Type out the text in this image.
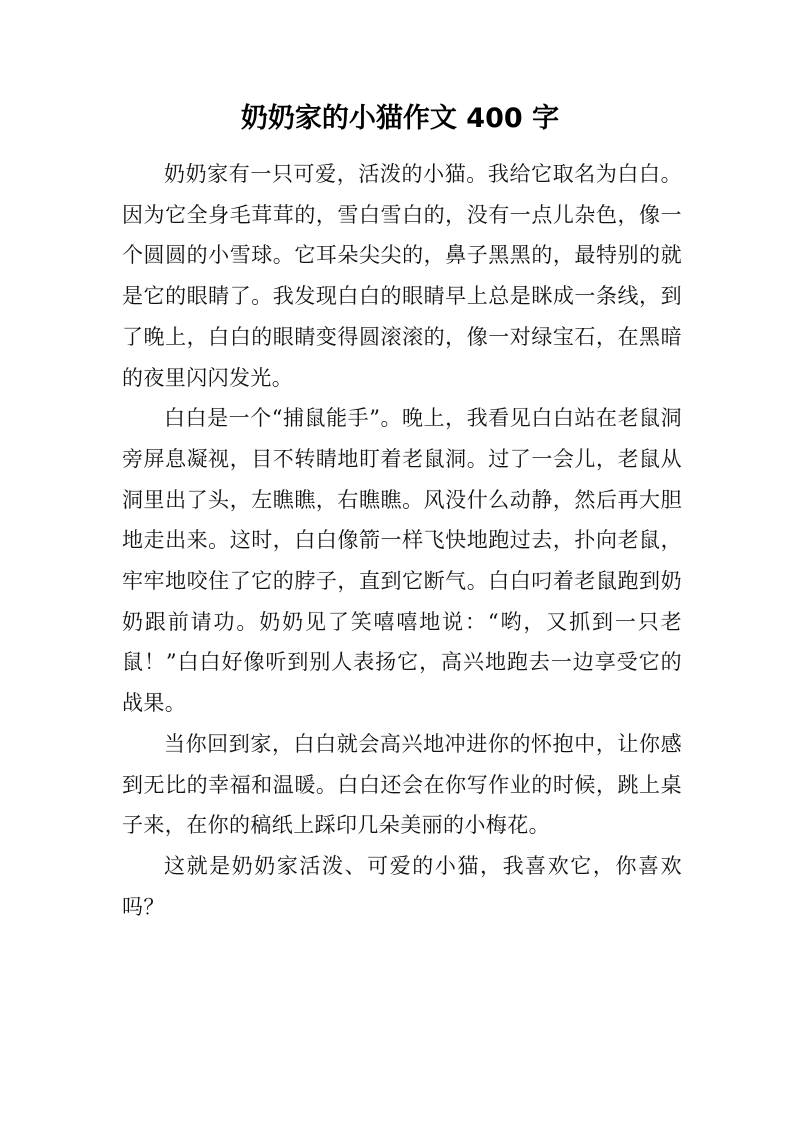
奶奶家的小猫作文 400 字

奶奶家有一只可爱，活泼的小猫。我给它取名为白白。因为它全身毛茸茸的，雪白雪白的，没有一点儿杂色，像一个圆圆的小雪球。它耳朵尖尖的，鼻子黑黑的，最特别的就是它的眼睛了。我发现白白的眼睛早上总是眯成一条线，到了晚上，白白的眼睛变得圆滚滚的，像一对绿宝石，在黑暗的夜里闪闪发光。

白白是一个“捕鼠能手”。晚上，我看见白白站在老鼠洞旁屏息凝视，目不转睛地盯着老鼠洞。过了一会儿，老鼠从洞里出了头，左瞧瞧，右瞧瞧。风没什么动静，然后再大胆地走出来。这时，白白像箭一样飞快地跑过去，扑向老鼠，牢牢地咬住了它的脖子，直到它断气。白白叼着老鼠跑到奶奶跟前请功。奶奶见了笑嘻嘻地说：“哟，又抓到一只老鼠！”白白好像听到别人表扬它，高兴地跑去一边享受它的战果。

当你回到家，白白就会高兴地冲进你的怀抱中，让你感到无比的幸福和温暖。白白还会在你写作业的时候，跳上桌子来，在你的稿纸上踩印几朵美丽的小梅花。

这就是奶奶家活泼、可爱的小猫，我喜欢它，你喜欢吗？
